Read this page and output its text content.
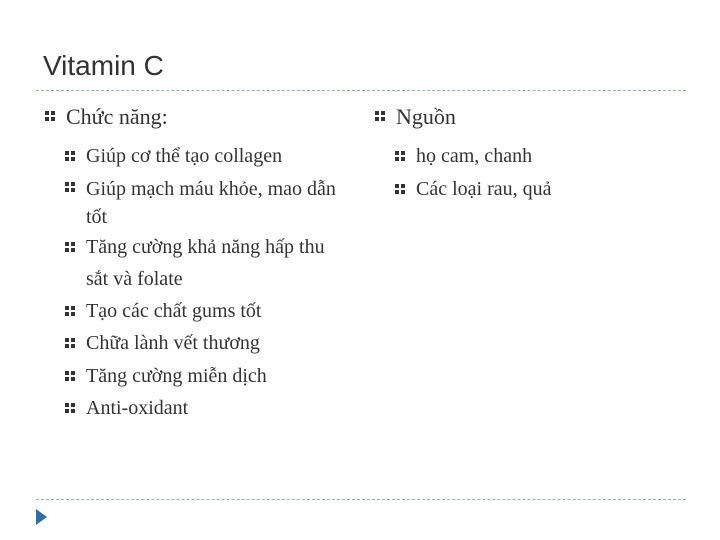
Vitamin C
Chức năng:
Giúp cơ thể tạo collagen
Giúp mạch máu khỏe, mao dẫn tốt
Tăng cường khả năng hấp thu sắt và folate
Tạo các chất gums tốt
Chữa lành vết thương
Tăng cường miễn dịch
Anti-oxidant
Nguồn
họ cam, chanh
Các loại rau, quả
